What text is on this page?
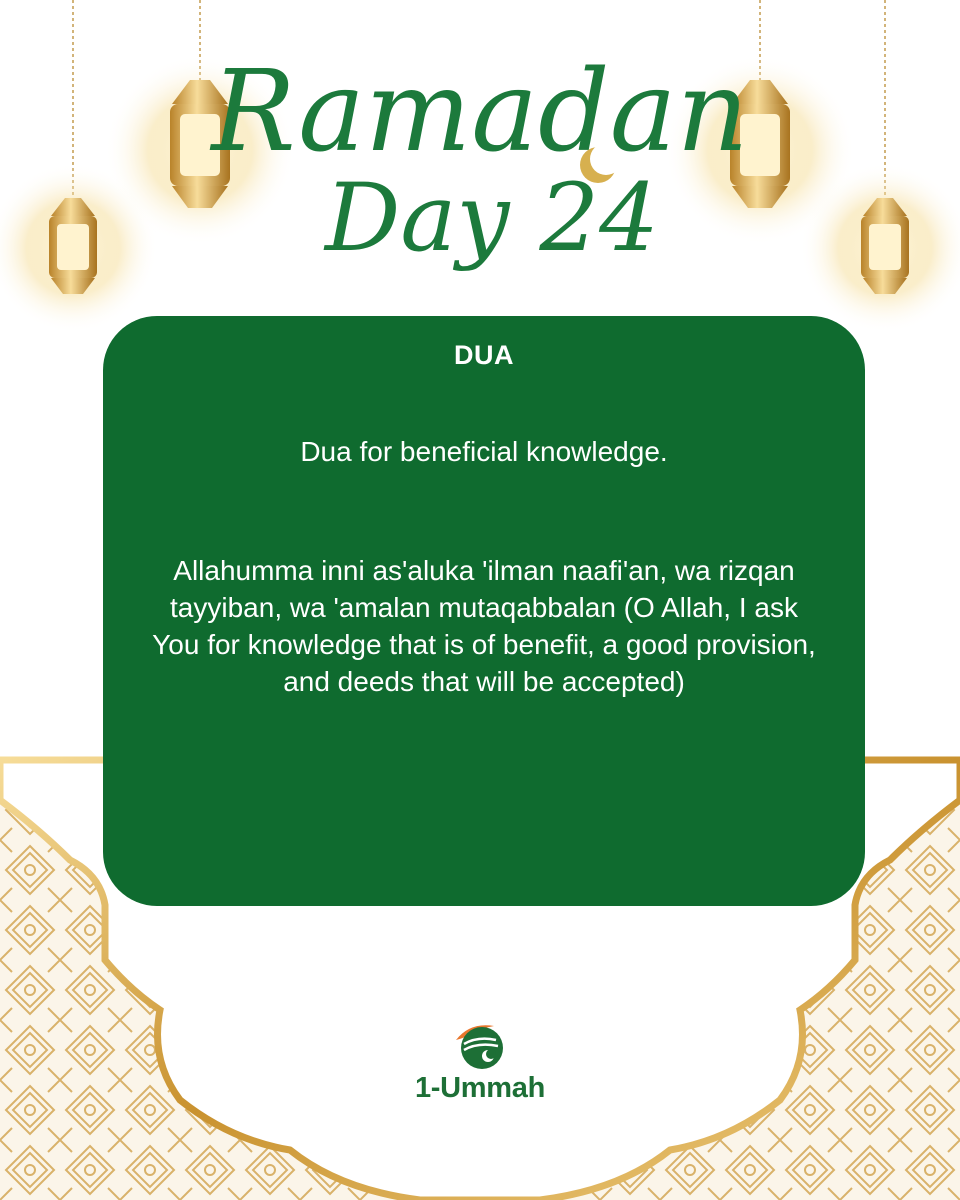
Ramadan
Day 24

DUA

Dua for beneficial knowledge.

Allahumma inni as'aluka 'ilman naafi'an, wa rizqan tayyiban, wa 'amalan mutaqabbalan (O Allah, I ask You for knowledge that is of benefit, a good provision, and deeds that will be accepted)

1-Ummah
